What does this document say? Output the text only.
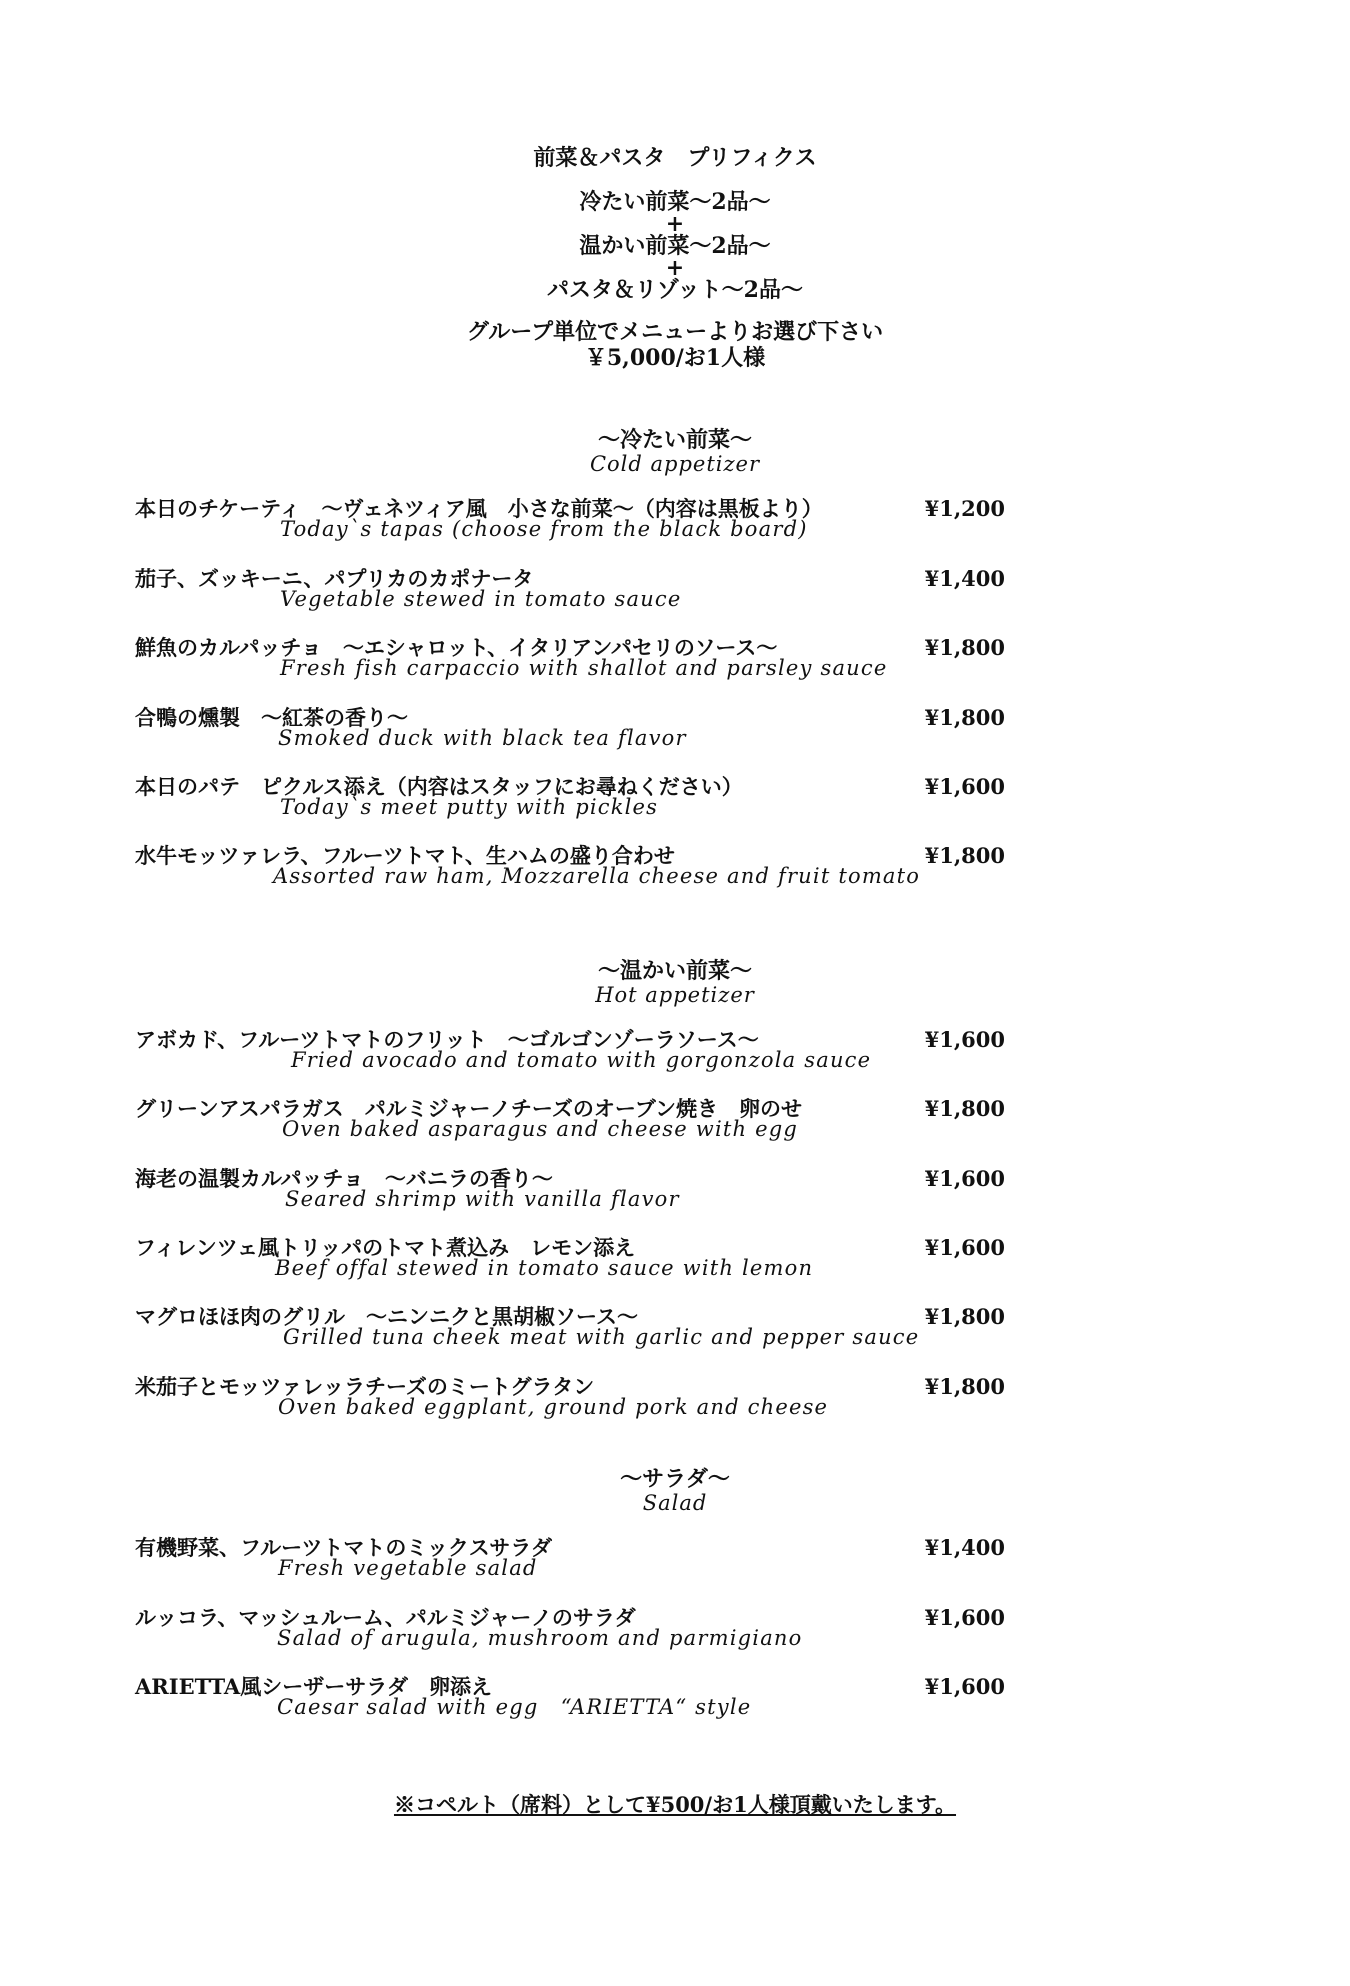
前菜＆パスタ　プリフィクス
冷たい前菜～2品～
+
温かい前菜～2品～
+
パスタ＆リゾット～2品～
グループ単位でメニューよりお選び下さい
￥5,000/お1人様
～冷たい前菜～
Cold appetizer
本日のチケーティ　～ヴェネツィア風　小さな前菜～（内容は黒板より）	¥1,200
Today`s tapas (choose from the black board)
茄子、ズッキーニ、パプリカのカポナータ	¥1,400
Vegetable stewed in tomato sauce
鮮魚のカルパッチョ　～エシャロット、イタリアンパセリのソース～	¥1,800
Fresh fish carpaccio with shallot and parsley sauce
合鴨の燻製　～紅茶の香り～	¥1,800
Smoked duck with black tea flavor
本日のパテ　ピクルス添え（内容はスタッフにお尋ねください）	¥1,600
Today`s meet putty with pickles
水牛モッツァレラ、フルーツトマト、生ハムの盛り合わせ	¥1,800
Assorted raw ham, Mozzarella cheese and fruit tomato
～温かい前菜～
Hot appetizer
アボカド、フルーツトマトのフリット　～ゴルゴンゾーラソース～	¥1,600
Fried avocado and tomato with gorgonzola sauce
グリーンアスパラガス　パルミジャーノチーズのオーブン焼き　卵のせ	¥1,800
Oven baked asparagus and cheese with egg
海老の温製カルパッチョ　～バニラの香り～	¥1,600
Seared shrimp with vanilla flavor
フィレンツェ風トリッパのトマト煮込み　レモン添え	¥1,600
Beef offal stewed in tomato sauce with lemon
マグロほほ肉のグリル　～ニンニクと黒胡椒ソース～	¥1,800
Grilled tuna cheek meat with garlic and pepper sauce
米茄子とモッツァレッラチーズのミートグラタン	¥1,800
Oven baked eggplant, ground pork and cheese
～サラダ～
Salad
有機野菜、フルーツトマトのミックスサラダ	¥1,400
Fresh vegetable salad
ルッコラ、マッシュルーム、パルミジャーノのサラダ	¥1,600
Salad of arugula, mushroom and parmigiano
ARIETTA風シーザーサラダ　卵添え	¥1,600
Caesar salad with egg　“ARIETTA“ style
※コペルト（席料）として¥500/お1人様頂戴いたします。
